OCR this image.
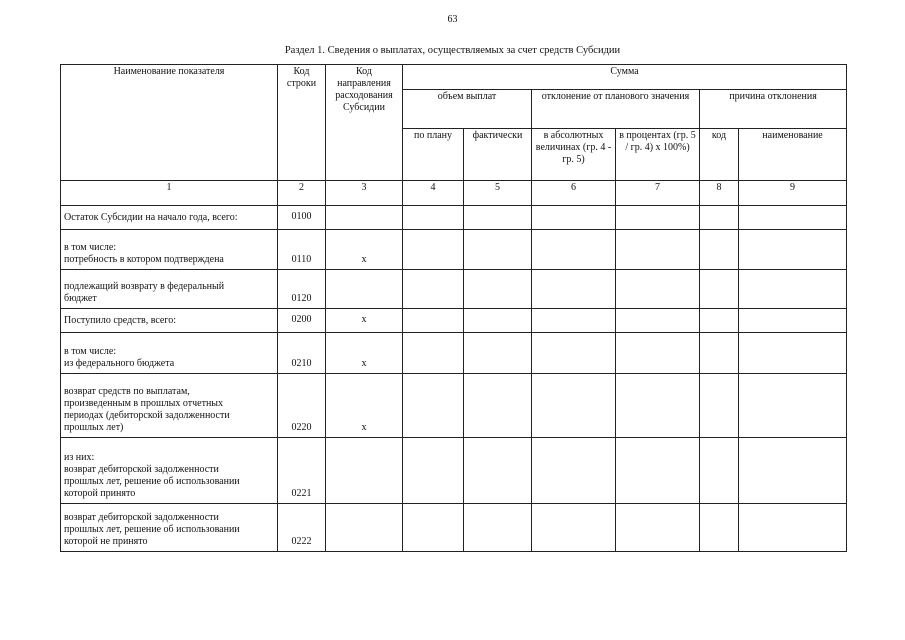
63
Раздел 1. Сведения о выплатах, осуществляемых за счет средств Субсидии
Наименование показателя	Код строки	Код направления расходования Субсидии	Сумма					
			объем выплат		отклонение от планового значения		причина отклонения	
			по плану	фактически	в абсолютных величинах (гр. 4 - гр. 5)	в процентах (гр. 5 / гр. 4) x 100%)	код	наименование
1	2	3	4	5	6	7	8	9

Остаток Субсидии на начало года, всего:	0100							

в том числе:
потребность в котором подтверждена	0110	x						

подлежащий возврату в федеральный
бюджет	0120							

Поступило средств, всего:	0200	x						

в том числе:
из федерального бюджета	0210	x						

возврат средств по выплатам,
произведенным в прошлых отчетных
периодах (дебиторской задолженности
прошлых лет)	0220	x						

из них:
возврат дебиторской задолженности
прошлых лет, решение об использовании
которой принято	0221							

возврат дебиторской задолженности
прошлых лет, решение об использовании
которой не принято	0222							
